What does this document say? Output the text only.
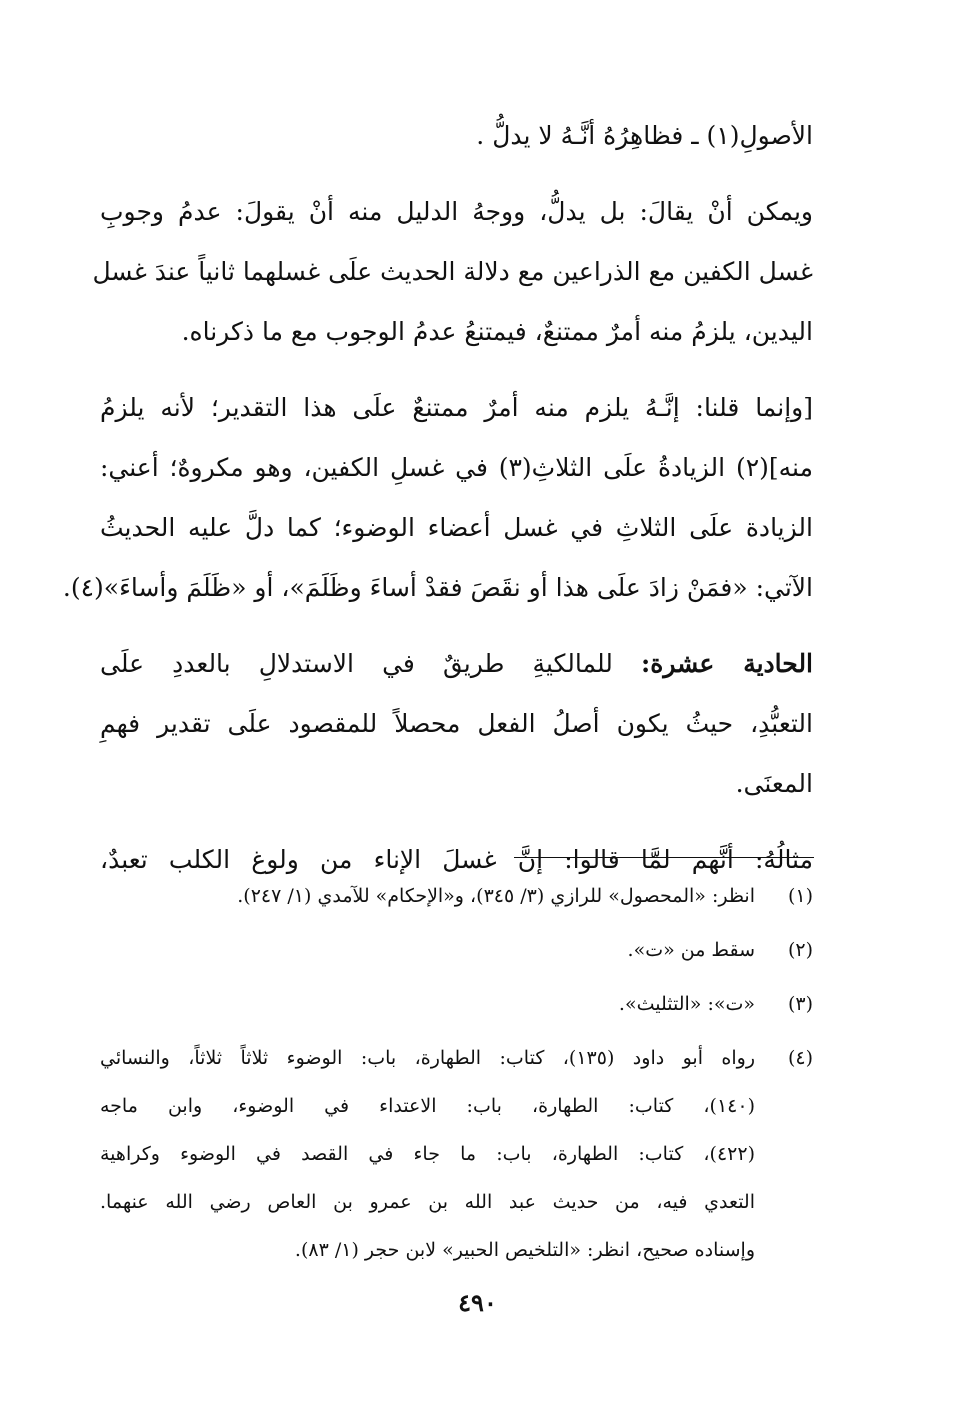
الأصولِ(١) ـ فظاهِرُهُ أنَّـهُ لا يدلُّ .
ويمكن أنْ يقالَ: بل يدلُّ، ووجهُ الدليل منه أنْ يقولَ: عدمُ وجوبِ
غسل الكفين مع الذراعين مع دلالة الحديث علَى غسلهما ثانياً عندَ غسل
اليدين، يلزمُ منه أمرٌ ممتنعٌ، فيمتنعُ عدمُ الوجوب مع ما ذكرناه.
[وإنما قلنا: إنَّـهُ يلزم منه أمرٌ ممتنعٌ علَى هذا التقدير؛ لأنه يلزمُ
منه](٢) الزيادةُ علَى الثلاثِ(٣) في غسلِ الكفين، وهو مكروهٌ؛ أعني:
الزيادة علَى الثلاثِ في غسل أعضاء الوضوء؛ كما دلَّ عليه الحديثُ
الآتي: «فمَنْ زادَ علَى هذا أو نقَصَ فقدْ أساءَ وظَلَمَ»، أو «ظَلَمَ وأساءَ»(٤).
الحادية عشرة: للمالكيةِ طريقٌ في الاستدلالِ بالعددِ علَى
التعبُّدِ، حيثُ يكون أصلُ الفعل محصلاً للمقصود علَى تقدير فهمِ
المعنَى.
مثالُهُ: أنَّهم لمَّا قالوا: إنَّ غسلَ الإناء من ولوغ الكلب تعبدٌ،
(١)
انظر: «المحصول» للرازي (٣/ ٣٤٥)، و«الإحكام» للآمدي (١/ ٢٤٧).
(٢)
سقط من «ت».
(٣)
«ت»: «التثليث».
(٤)
رواه أبو داود (١٣٥)، كتاب: الطهارة، باب: الوضوء ثلاثاً ثلاثاً، والنسائي
(١٤٠)، كتاب: الطهارة، باب: الاعتداء في الوضوء، وابن ماجه
(٤٢٢)، كتاب: الطهارة، باب: ما جاء في القصد في الوضوء وكراهية
التعدي فيه، من حديث عبد الله بن عمرو بن العاص رضي الله عنهما.
وإسناده صحيح، انظر: «التلخيص الحبير» لابن حجر (١/ ٨٣).
٤٩٠
